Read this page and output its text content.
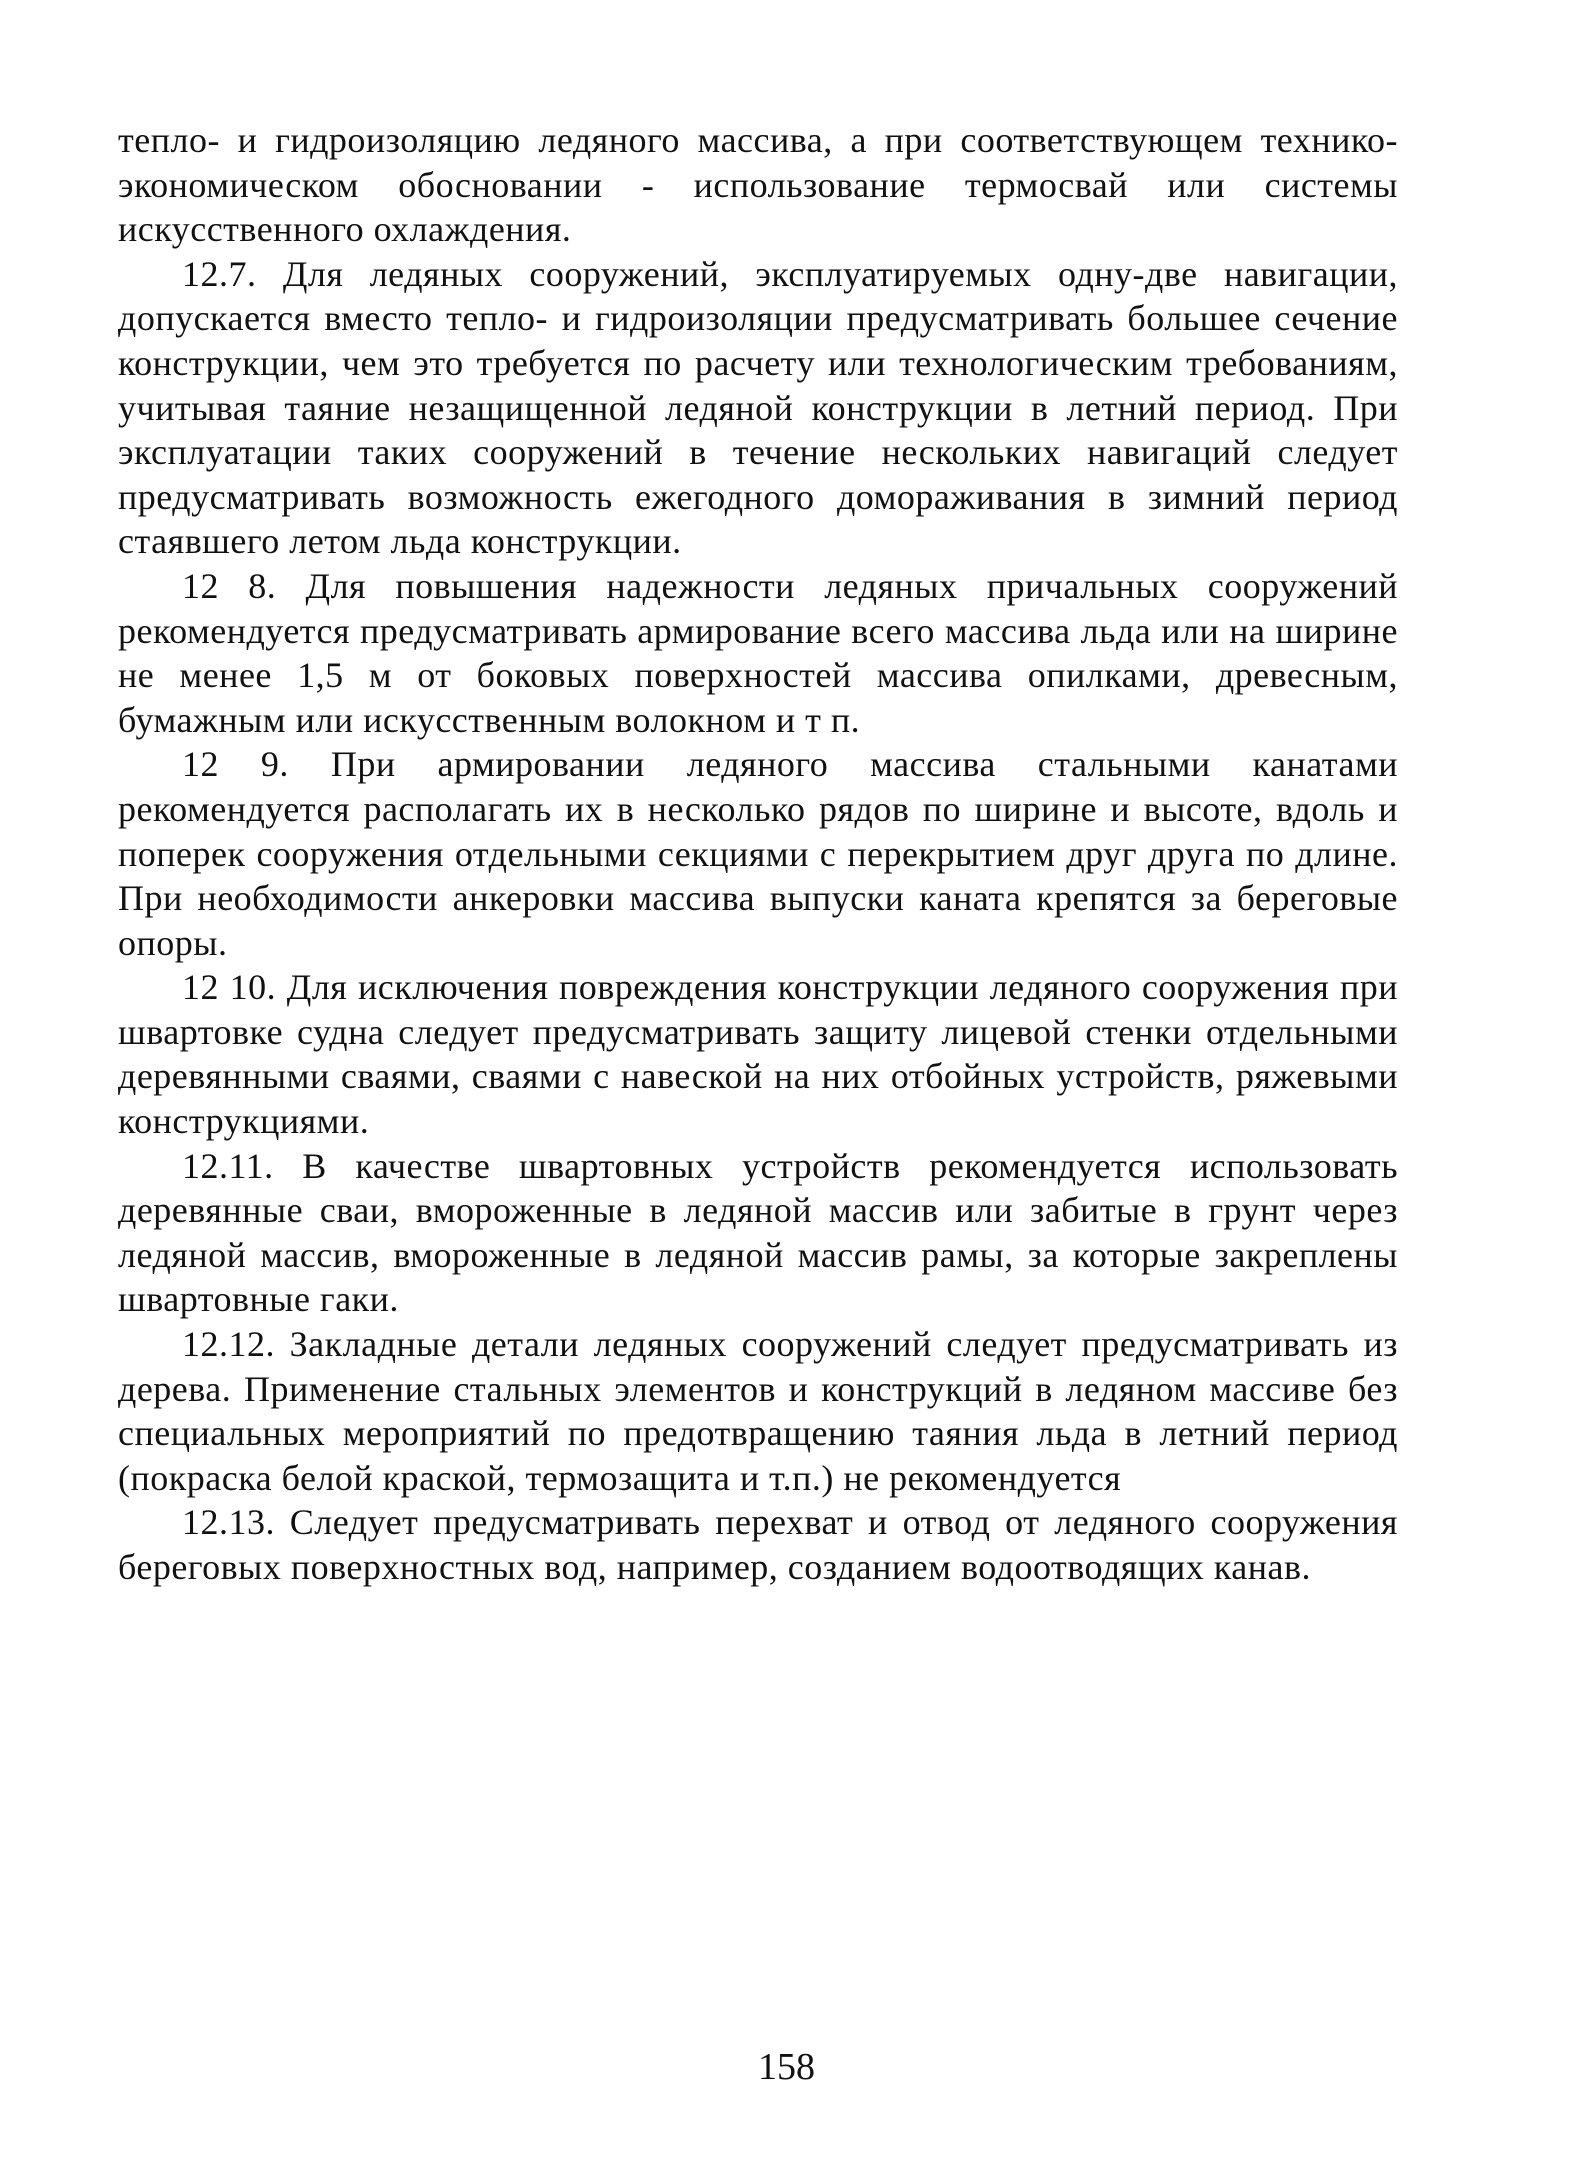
тепло- и гидроизоляцию ледяного массива, а при соответствующем технико-экономическом обосновании - использование термосвай или системы искусственного охлаждения.

12.7. Для ледяных сооружений, эксплуатируемых одну-две навигации, допускается вместо тепло- и гидроизоляции предусматривать большее сечение конструкции, чем это требуется по расчету или технологическим требованиям, учитывая таяние незащищенной ледяной конструкции в летний период. При эксплуатации таких сооружений в течение нескольких навигаций следует предусматривать возможность ежегодного доморaживания в зимний период стаявшего летом льда конструкции.

12 8. Для повышения надежности ледяных причальных сооружений рекомендуется предусматривать армирование всего массива льда или на ширине не менее 1,5 м от боковых поверхностей массива опилками, древесным, бумажным или искусственным волокном и т п.

12 9. При армировании ледяного массива стальными канатами рекомендуется располагать их в несколько рядов по ширине и высоте, вдоль и поперек сооружения отдельными секциями с перекрытием друг друга по длине. При необходимости анкеровки массива выпуски каната крепятся за береговые опоры.

12 10. Для исключения повреждения конструкции ледяного сооружения при швартовке судна следует предусматривать защиту лицевой стенки отдельными деревянными сваями, сваями с навеской на них отбойных устройств, ряжевыми конструкциями.

12.11. В качестве швартовных устройств рекомендуется использовать деревянные сваи, вмороженные в ледяной массив или забитые в грунт через ледяной массив, вмороженные в ледяной массив рамы, за которые закреплены швартовные гаки.

12.12. Закладные детали ледяных сооружений следует предусматривать из дерева. Применение стальных элементов и конструкций в ледяном массиве без специальных мероприятий по предотвращению таяния льда в летний период (покраска белой краской, термозащита и т.п.) не рекомендуется

12.13. Следует предусматривать перехват и отвод от ледяного сооружения береговых поверхностных вод, например, созданием водоотводящих канав.

158
